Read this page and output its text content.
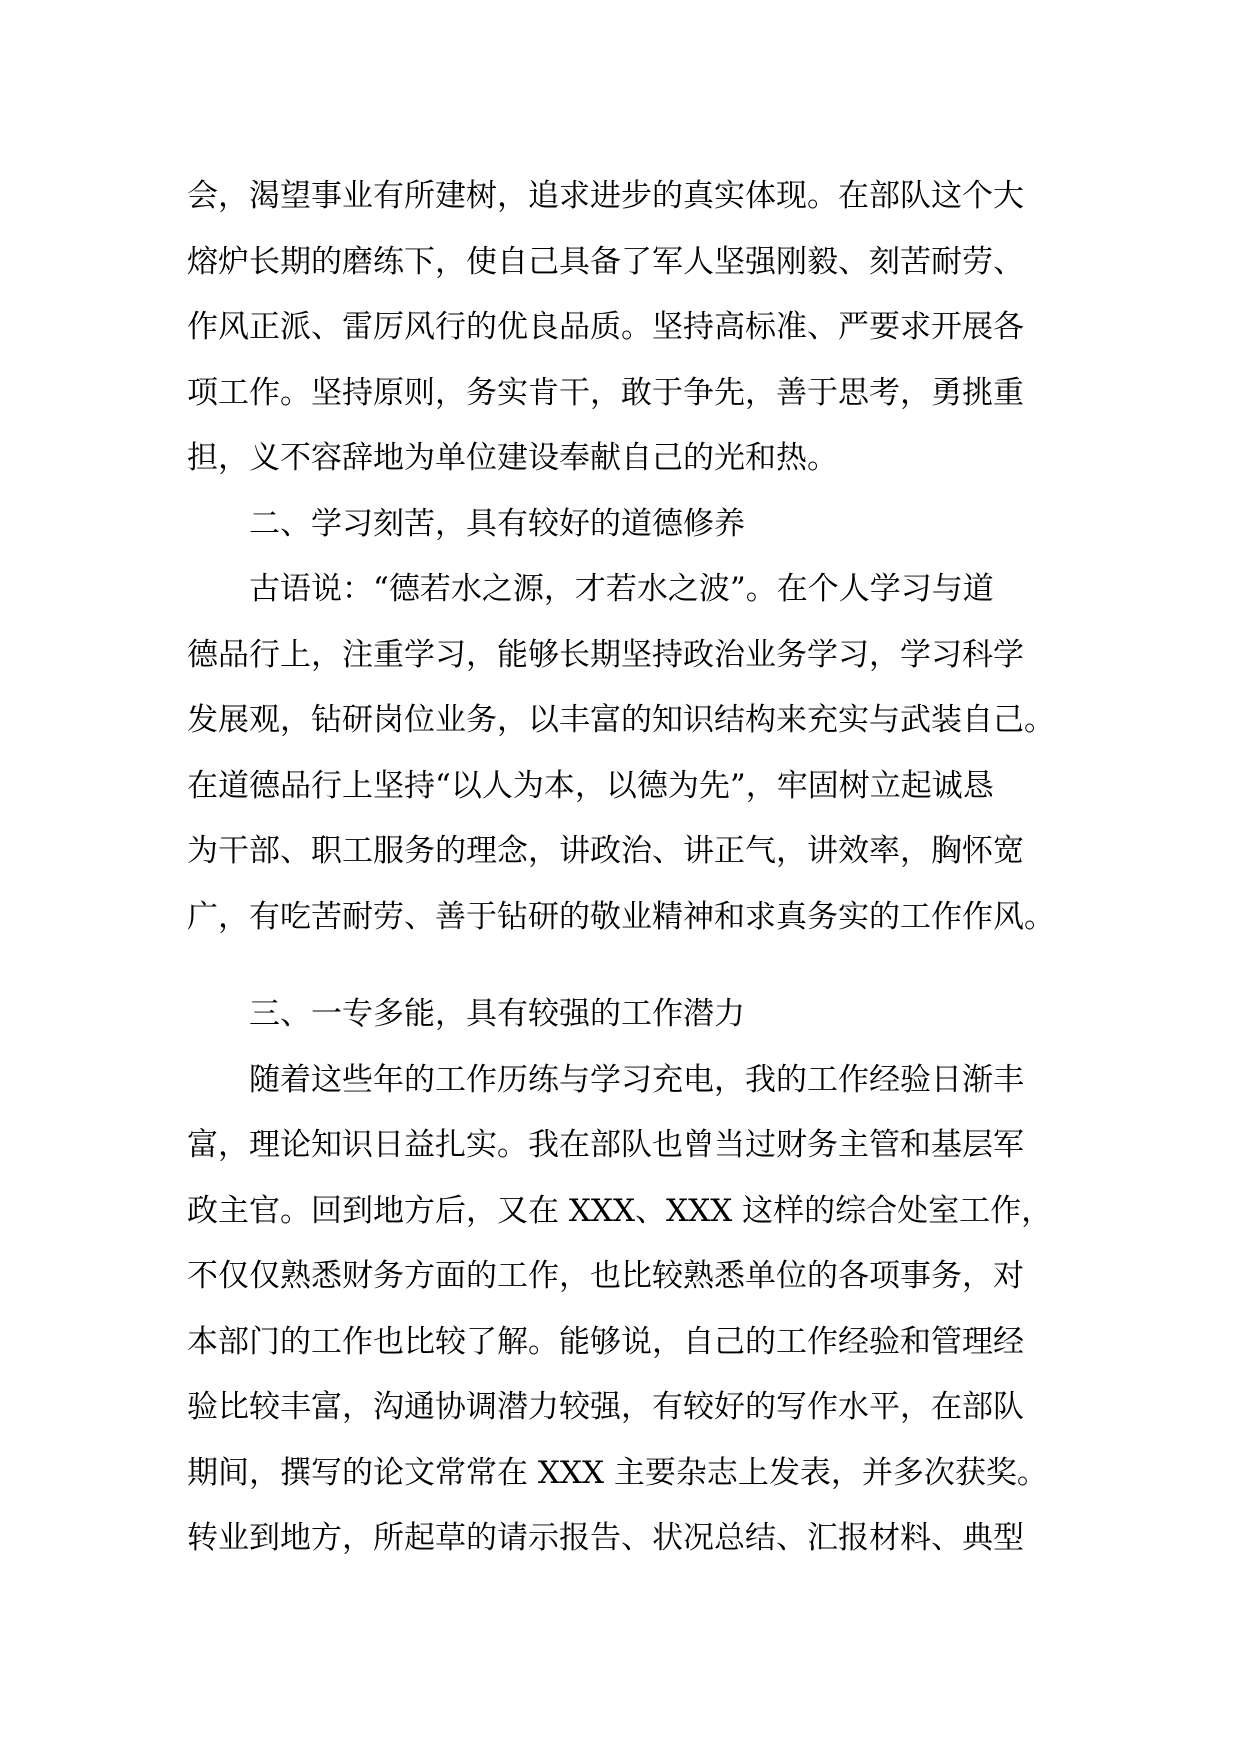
会，渴望事业有所建树，追求进步的真实体现。在部队这个大
熔炉长期的磨练下，使自己具备了军人坚强刚毅、刻苦耐劳、
作风正派、雷厉风行的优良品质。坚持高标准、严要求开展各
项工作。坚持原则，务实肯干，敢于争先，善于思考，勇挑重
担，义不容辞地为单位建设奉献自己的光和热。
二、学习刻苦，具有较好的道德修养
古语说：“德若水之源，才若水之波”。在个人学习与道
德品行上，注重学习，能够长期坚持政治业务学习，学习科学
发展观，钻研岗位业务，以丰富的知识结构来充实与武装自己。
在道德品行上坚持“以人为本，以德为先”，牢固树立起诚恳
为干部、职工服务的理念，讲政治、讲正气，讲效率，胸怀宽
广，有吃苦耐劳、善于钻研的敬业精神和求真务实的工作作风。
三、一专多能，具有较强的工作潜力
随着这些年的工作历练与学习充电，我的工作经验日渐丰
富，理论知识日益扎实。我在部队也曾当过财务主管和基层军
政主官。回到地方后，又在 XXX、XXX 这样的综合处室工作，
不仅仅熟悉财务方面的工作，也比较熟悉单位的各项事务，对
本部门的工作也比较了解。能够说，自己的工作经验和管理经
验比较丰富，沟通协调潜力较强，有较好的写作水平，在部队
期间，撰写的论文常常在 XXX 主要杂志上发表，并多次获奖。
转业到地方，所起草的请示报告、状况总结、汇报材料、典型
